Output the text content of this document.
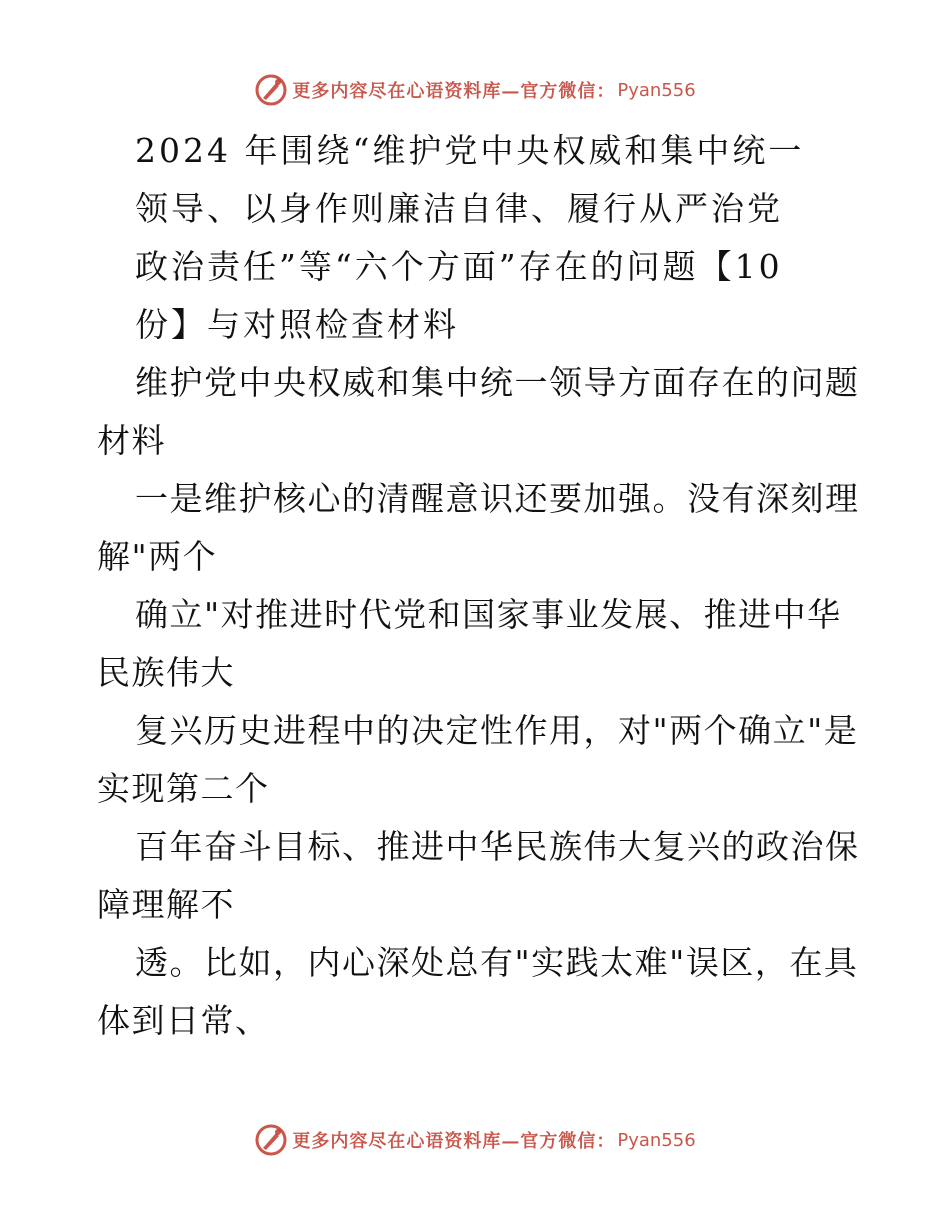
更多内容尽在心语资料库—官方微信： Pyan556
2024 年围绕“维护党中央权威和集中统一
领导、以身作则廉洁自律、履行从严治党
政治责任”等“六个方面”存在的问题【10
份】与对照检查材料
维护党中央权威和集中统一领导方面存在的问题
材料
一是维护核心的清醒意识还要加强。没有深刻理
解"两个
确立"对推进时代党和国家事业发展、推进中华
民族伟大
复兴历史进程中的决定性作用，对"两个确立"是
实现第二个
百年奋斗目标、推进中华民族伟大复兴的政治保
障理解不
透。比如，内心深处总有"实践太难"误区，在具
体到日常、
更多内容尽在心语资料库—官方微信： Pyan556
